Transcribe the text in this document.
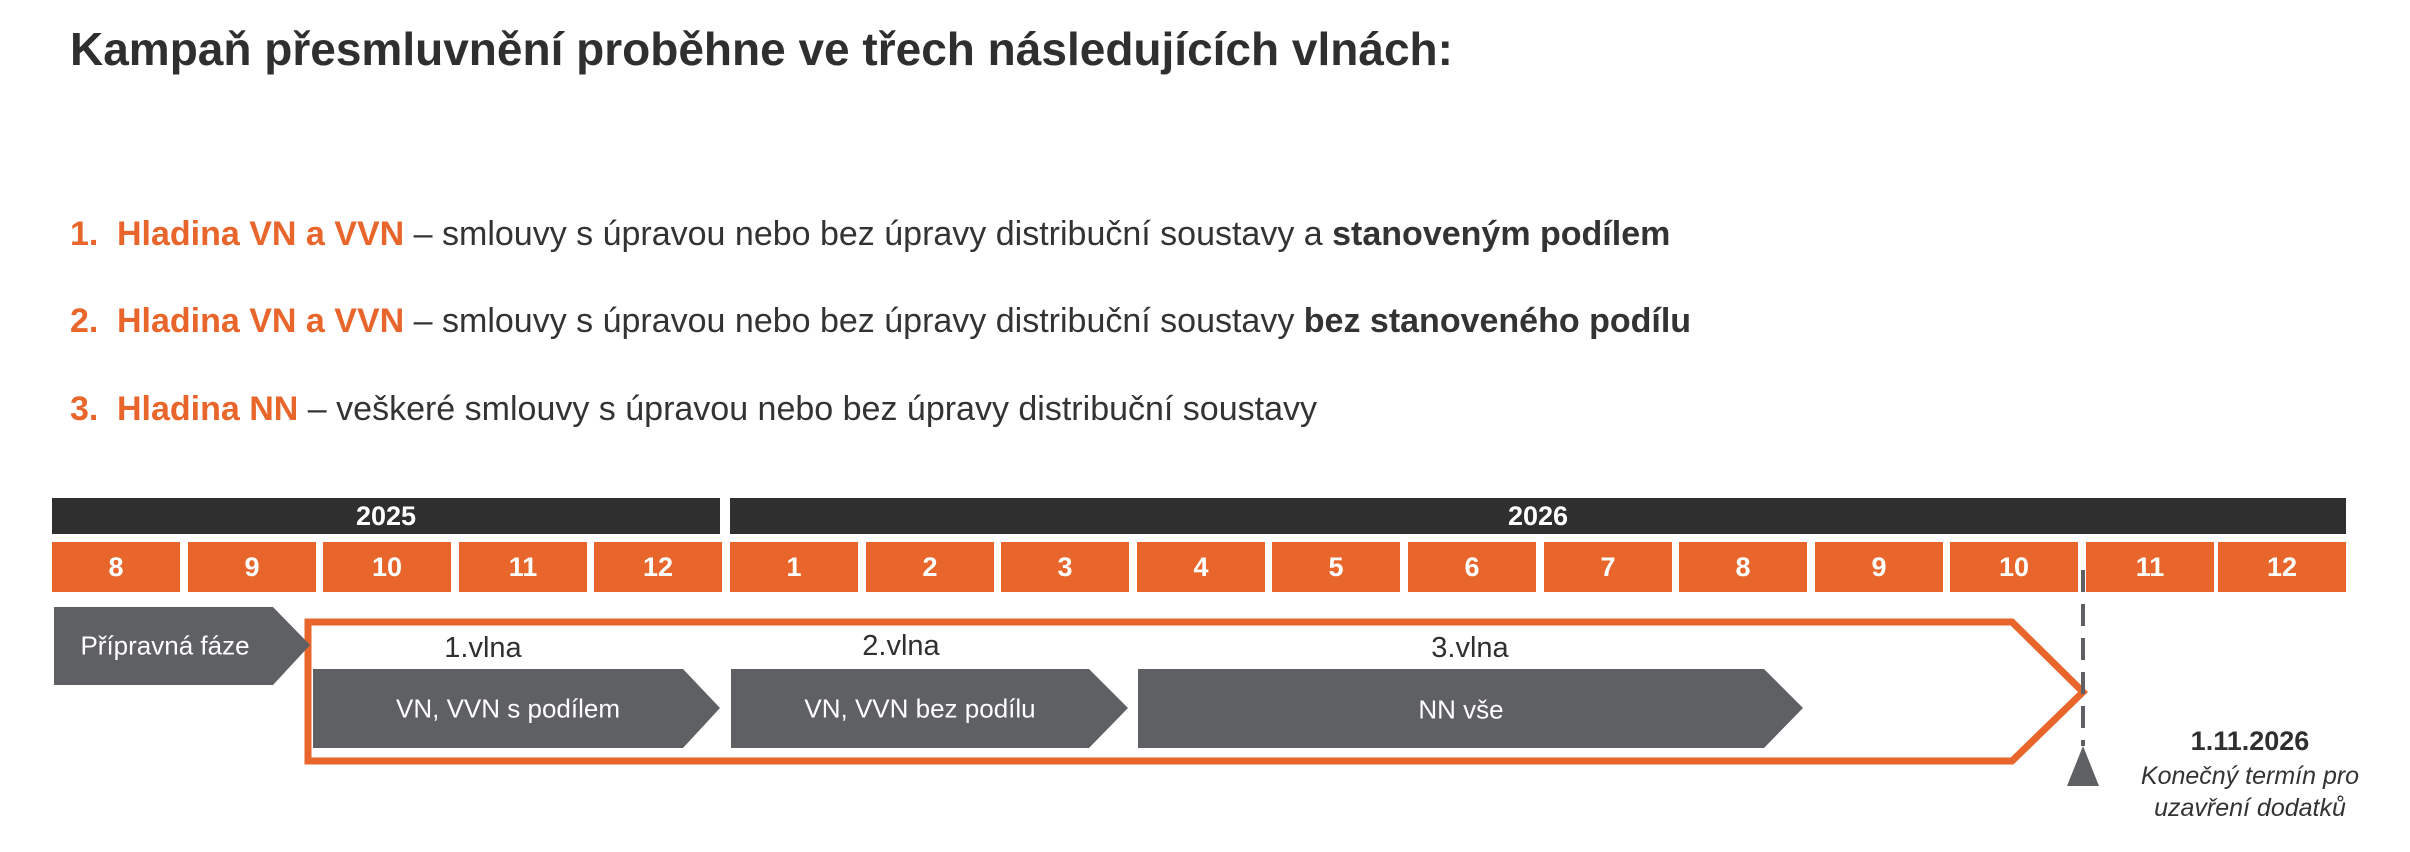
Kampaň přesmluvnění proběhne ve třech následujících vlnách:
1. Hladina VN a VVN – smlouvy s úpravou nebo bez úpravy distribuční soustavy a stanoveným podílem
2. Hladina VN a VVN – smlouvy s úpravou nebo bez úpravy distribuční soustavy bez stanoveného podílu
3. Hladina NN – veškeré smlouvy s úpravou nebo bez úpravy distribuční soustavy
2025	2026
8	9	10	11	12	1	2	3	4	5	6	7	8	9	10	11	12
Přípravná fáze
VN, VVN s podílem	VN, VVN bez podílu	NN vše
1.vlna	2.vlna	3.vlna
1.11.2026
Konečný termín pro uzavření dodatků
